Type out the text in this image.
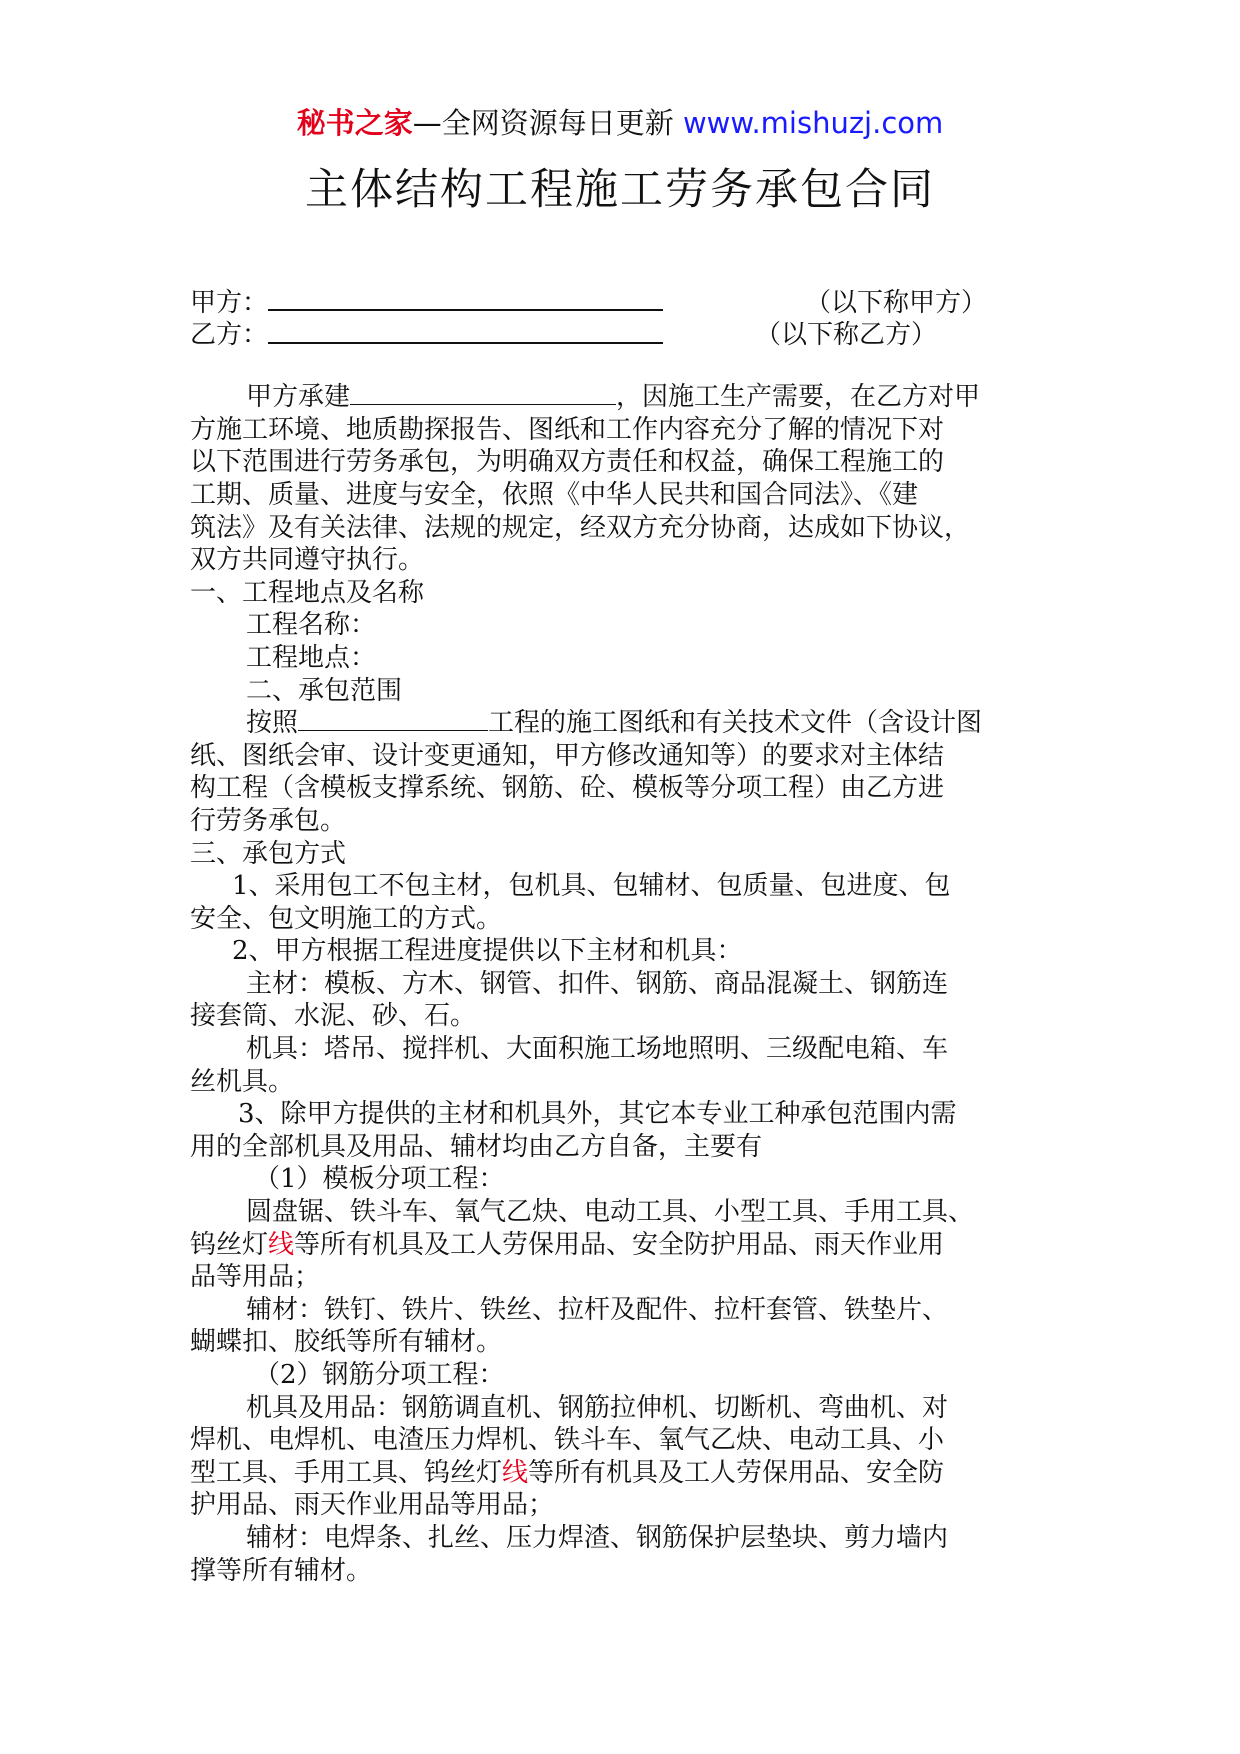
秘书之家—全网资源每日更新 www.mishuzj.com
主体结构工程施工劳务承包合同
甲方：	（以下称甲方）
乙方：	（以下称乙方）
甲方承建	，因施工生产需要，在乙方对甲
方施工环境、地质勘探报告、图纸和工作内容充分了解的情况下对
以下范围进行劳务承包，为明确双方责任和权益，确保工程施工的
工期、质量、进度与安全，依照《中华人民共和国合同法》、《建
筑法》及有关法律、法规的规定，经双方充分协商，达成如下协议，
双方共同遵守执行。
一、工程地点及名称
工程名称：
工程地点：
二、承包范围
按照	工程的施工图纸和有关技术文件（含设计图
纸、图纸会审、设计变更通知，甲方修改通知等）的要求对主体结
构工程（含模板支撑系统、钢筋、砼、模板等分项工程）由乙方进
行劳务承包。
三、承包方式
1、采用包工不包主材，包机具、包辅材、包质量、包进度、包
安全、包文明施工的方式。
2、甲方根据工程进度提供以下主材和机具：
主材：模板、方木、钢管、扣件、钢筋、商品混凝土、钢筋连
接套筒、水泥、砂、石。
机具：塔吊、搅拌机、大面积施工场地照明、三级配电箱、车
丝机具。
3、除甲方提供的主材和机具外，其它本专业工种承包范围内需
用的全部机具及用品、辅材均由乙方自备，主要有
（1）模板分项工程：
圆盘锯、铁斗车、氧气乙炔、电动工具、小型工具、手用工具、
钨丝灯线等所有机具及工人劳保用品、安全防护用品、雨天作业用
品等用品；
辅材：铁钉、铁片、铁丝、拉杆及配件、拉杆套管、铁垫片、
蝴蝶扣、胶纸等所有辅材。
（2）钢筋分项工程：
机具及用品：钢筋调直机、钢筋拉伸机、切断机、弯曲机、对
焊机、电焊机、电渣压力焊机、铁斗车、氧气乙炔、电动工具、小
型工具、手用工具、钨丝灯线等所有机具及工人劳保用品、安全防
护用品、雨天作业用品等用品；
辅材：电焊条、扎丝、压力焊渣、钢筋保护层垫块、剪力墙内
撑等所有辅材。
